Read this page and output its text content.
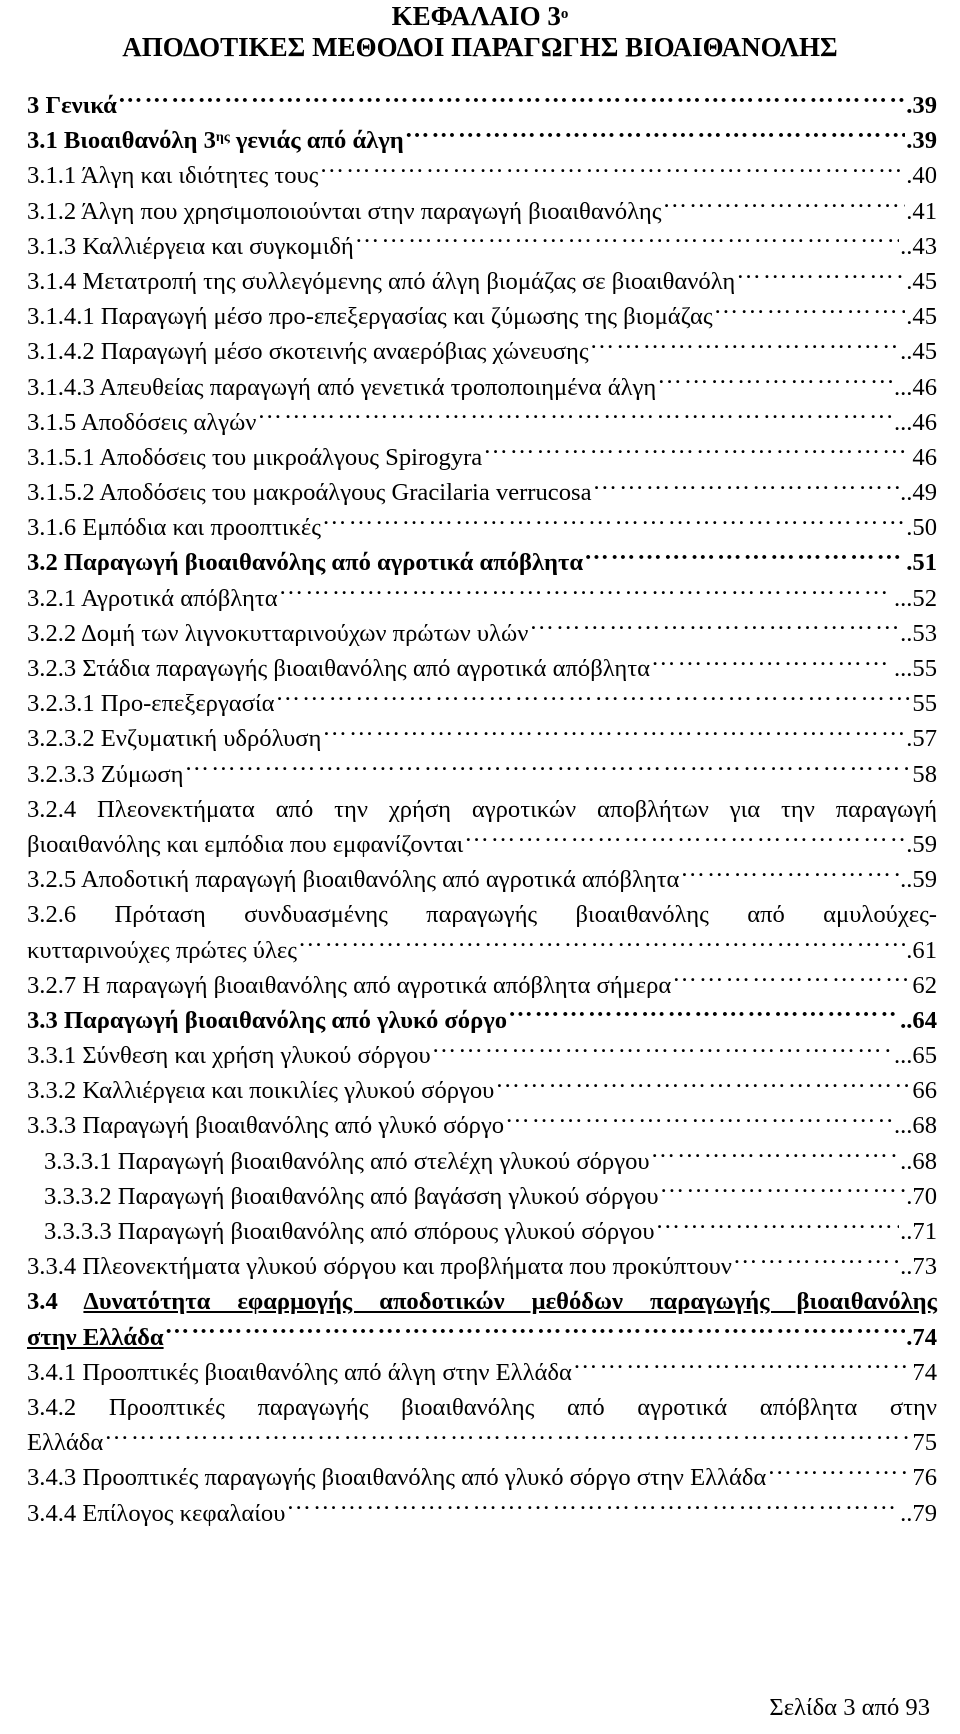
ΚΕΦΑΛΑΙΟ $3^o$
ΑΠΟΔΟΤΙΚΕΣ ΜΕΘΟΔΟΙ ΠΑΡΑΓΩΓΗΣ ΒΙΟΑΙΘΑΝΟΛΗΣ
3 Γενικά ……………………………………………………………………………………………………………………………………………………………………………………………………………………	.39
3.1 Βιοαιθανόλη $3^{\eta\varsigma}$ γενιάς από άλγη ……………………………………………………………………………………………………………………………………………………………………………………………………………………	.39
3.1.1 Άλγη και ιδιότητες τους ……………………………………………………………………………………………………………………………………………………………………………………………………………………	.40
3.1.2 Άλγη που χρησιμοποιούνται στην παραγωγή βιοαιθανόλης ……………………………………………………………………………………………………………………………………………………………………………………………………………………	.41
3.1.3 Καλλιέργεια και συγκομιδή ……………………………………………………………………………………………………………………………………………………………………………………………………………………	..43
3.1.4 Μετατροπή της συλλεγόμενης από άλγη βιομάζας σε βιοαιθανόλη ……………………………………………………………………………………………………………………………………………………………………………………………………………………	.45
3.1.4.1 Παραγωγή μέσο προ-επεξεργασίας και ζύμωσης της βιομάζας ……………………………………………………………………………………………………………………………………………………………………………………………………………………	.45
3.1.4.2 Παραγωγή μέσο σκοτεινής αναερόβιας χώνευσης ……………………………………………………………………………………………………………………………………………………………………………………………………………………	..45
3.1.4.3 Απευθείας παραγωγή από γενετικά τροποποιημένα άλγη ……………………………………………………………………………………………………………………………………………………………………………………………………………………	...46
3.1.5 Αποδόσεις αλγών ……………………………………………………………………………………………………………………………………………………………………………………………………………………	...46
3.1.5.1 Αποδόσεις του μικροάλγους Spirogyra ……………………………………………………………………………………………………………………………………………………………………………………………………………………	46
3.1.5.2 Αποδόσεις του μακροάλγους Gracilaria verrucosa ……………………………………………………………………………………………………………………………………………………………………………………………………………………	..49
3.1.6 Εμπόδια και προοπτικές ……………………………………………………………………………………………………………………………………………………………………………………………………………………	.50
3.2 Παραγωγή βιοαιθανόλης από αγροτικά απόβλητα ……………………………………………………………………………………………………………………………………………………………………………………………………………………	.51
3.2.1 Αγροτικά απόβλητα ……………………………………………………………………………………………………………………………………………………………………………………………………………………	...52
3.2.2 Δομή των λιγνοκυτταρινούχων πρώτων υλών ……………………………………………………………………………………………………………………………………………………………………………………………………………………	..53
3.2.3 Στάδια παραγωγής βιοαιθανόλης από αγροτικά απόβλητα ……………………………………………………………………………………………………………………………………………………………………………………………………………………	...55
3.2.3.1 Προ-επεξεργασία ……………………………………………………………………………………………………………………………………………………………………………………………………………………	55
3.2.3.2 Ενζυματική υδρόλυση ……………………………………………………………………………………………………………………………………………………………………………………………………………………	.57
3.2.3.3 Ζύμωση ……………………………………………………………………………………………………………………………………………………………………………………………………………………	58
3.2.4 Πλεονεκτήματα από την χρήση αγροτικών αποβλήτων για την παραγωγή
βιοαιθανόλης και εμπόδια που εμφανίζονται ……………………………………………………………………………………………………………………………………………………………………………………………………………………	.59
3.2.5 Αποδοτική παραγωγή βιοαιθανόλης από αγροτικά απόβλητα ……………………………………………………………………………………………………………………………………………………………………………………………………………………	..59
3.2.6 Πρόταση συνδυασμένης παραγωγής βιοαιθανόλης από αμυλούχες-
κυτταρινούχες πρώτες ύλες ……………………………………………………………………………………………………………………………………………………………………………………………………………………	.61
3.2.7 Η παραγωγή βιοαιθανόλης από αγροτικά απόβλητα σήμερα ……………………………………………………………………………………………………………………………………………………………………………………………………………………	62
3.3 Παραγωγή βιοαιθανόλης από γλυκό σόργο ……………………………………………………………………………………………………………………………………………………………………………………………………………………	..64
3.3.1 Σύνθεση και χρήση γλυκού σόργου ……………………………………………………………………………………………………………………………………………………………………………………………………………………	...65
3.3.2 Καλλιέργεια και ποικιλίες γλυκού σόργου ……………………………………………………………………………………………………………………………………………………………………………………………………………………	66
3.3.3 Παραγωγή βιοαιθανόλης από γλυκό σόργο ……………………………………………………………………………………………………………………………………………………………………………………………………………………	...68
3.3.3.1 Παραγωγή βιοαιθανόλης από στελέχη γλυκού σόργου ……………………………………………………………………………………………………………………………………………………………………………………………………………………	..68
3.3.3.2 Παραγωγή βιοαιθανόλης από βαγάσση γλυκού σόργου ……………………………………………………………………………………………………………………………………………………………………………………………………………………	.70
3.3.3.3 Παραγωγή βιοαιθανόλης από σπόρους γλυκού σόργου ……………………………………………………………………………………………………………………………………………………………………………………………………………………	..71
3.3.4 Πλεονεκτήματα γλυκού σόργου και προβλήματα που προκύπτουν ……………………………………………………………………………………………………………………………………………………………………………………………………………………	..73
3.4 Δυνατότητα εφαρμογής αποδοτικών μεθόδων παραγωγής βιοαιθανόλης
στην Ελλάδα ……………………………………………………………………………………………………………………………………………………………………………………………………………………	.74
3.4.1 Προοπτικές βιοαιθανόλης από άλγη στην Ελλάδα ……………………………………………………………………………………………………………………………………………………………………………………………………………………	74
3.4.2 Προοπτικές παραγωγής βιοαιθανόλης από αγροτικά απόβλητα στην
Ελλάδα ……………………………………………………………………………………………………………………………………………………………………………………………………………………	75
3.4.3 Προοπτικές παραγωγής βιοαιθανόλης από γλυκό σόργο στην Ελλάδα ……………………………………………………………………………………………………………………………………………………………………………………………………………………	76
3.4.4 Επίλογος κεφαλαίου ……………………………………………………………………………………………………………………………………………………………………………………………………………………	..79
Σελίδα 3 από 93
